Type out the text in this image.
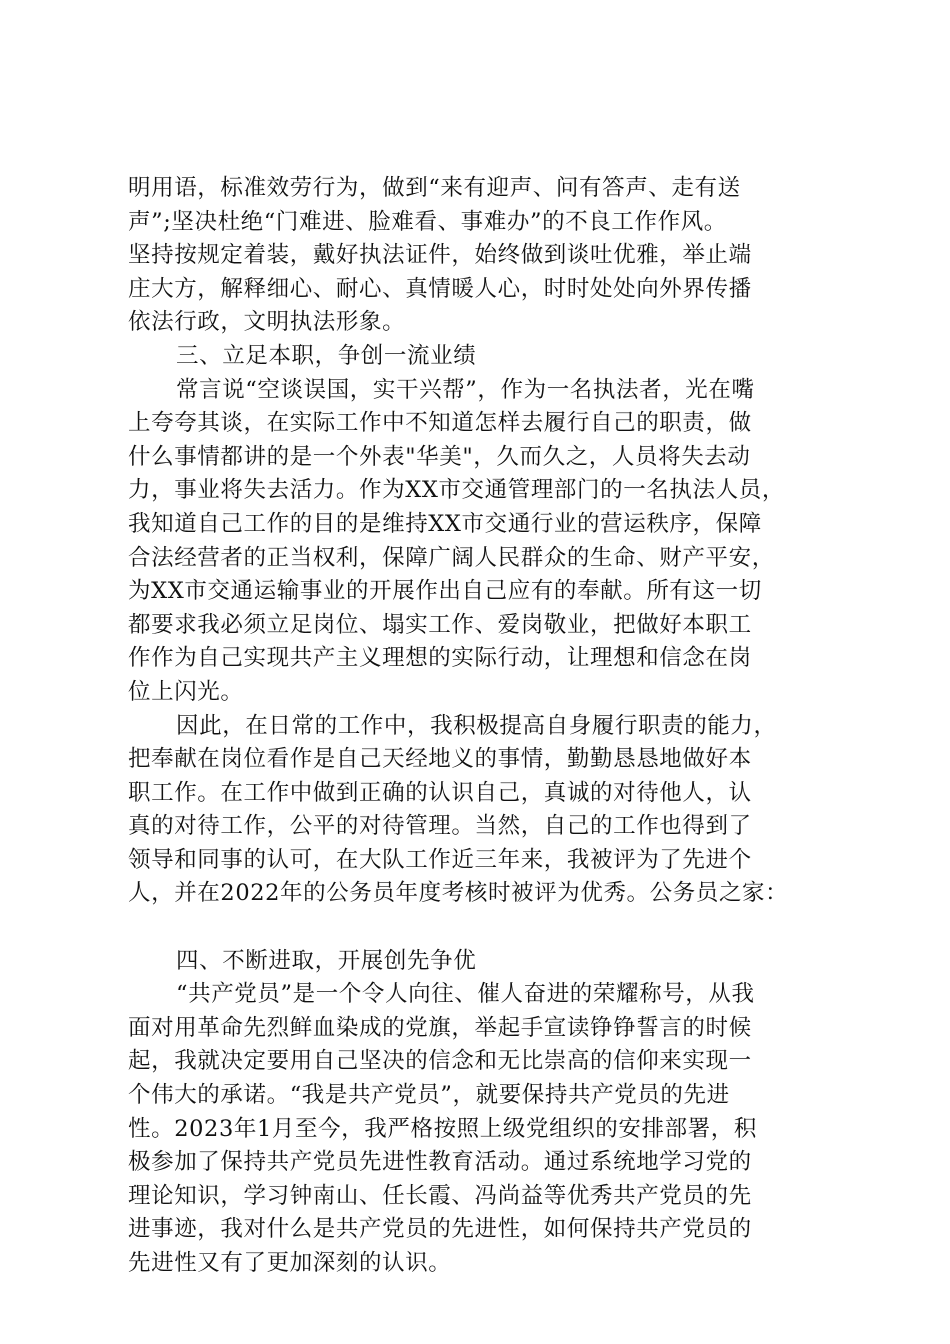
明用语，标准效劳行为，做到“来有迎声、问有答声、走有送
声”;坚决杜绝“门难进、脸难看、事难办”的不良工作作风。
坚持按规定着装，戴好执法证件，始终做到谈吐优雅，举止端
庄大方，解释细心、耐心、真情暖人心，时时处处向外界传播
依法行政，文明执法形象。
三、立足本职，争创一流业绩
常言说“空谈误国，实干兴帮”，作为一名执法者，光在嘴
上夸夸其谈，在实际工作中不知道怎样去履行自己的职责，做
什么事情都讲的是一个外表"华美"，久而久之，人员将失去动
力，事业将失去活力。作为XX市交通管理部门的一名执法人员，
我知道自己工作的目的是维持XX市交通行业的营运秩序，保障
合法经营者的正当权利，保障广阔人民群众的生命、财产平安，
为XX市交通运输事业的开展作出自己应有的奉献。所有这一切
都要求我必须立足岗位、塌实工作、爱岗敬业，把做好本职工
作作为自己实现共产主义理想的实际行动，让理想和信念在岗
位上闪光。
因此，在日常的工作中，我积极提高自身履行职责的能力，
把奉献在岗位看作是自己天经地义的事情，勤勤恳恳地做好本
职工作。在工作中做到正确的认识自己，真诚的对待他人，认
真的对待工作，公平的对待管理。当然，自己的工作也得到了
领导和同事的认可，在大队工作近三年来，我被评为了先进个
人，并在2022年的公务员年度考核时被评为优秀。公务员之家：
四、不断进取，开展创先争优
“共产党员”是一个令人向往、催人奋进的荣耀称号，从我
面对用革命先烈鲜血染成的党旗，举起手宣读铮铮誓言的时候
起，我就决定要用自己坚决的信念和无比崇高的信仰来实现一
个伟大的承诺。“我是共产党员”，就要保持共产党员的先进
性。2023年1月至今，我严格按照上级党组织的安排部署，积
极参加了保持共产党员先进性教育活动。通过系统地学习党的
理论知识，学习钟南山、任长霞、冯尚益等优秀共产党员的先
进事迹，我对什么是共产党员的先进性，如何保持共产党员的
先进性又有了更加深刻的认识。
